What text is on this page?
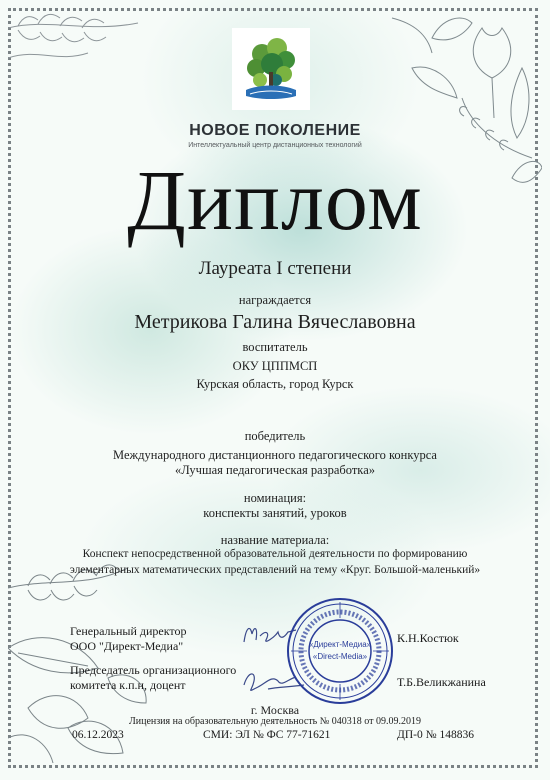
НОВОЕ ПОКОЛЕНИЕ
Интеллектуальный центр дистанционных технологий
Диплом
Лауреата I степени
награждается
Метрикова Галина Вячеславовна
воспитатель
ОКУ ЦППМСП
Курская область, город Курск
победитель
Международного дистанционного педагогического конкурса
«Лучшая педагогическая разработка»
номинация:
конспекты занятий, уроков
название материала:
Конспект непосредственной образовательной деятельности по формированию
элементарных математических представлений на тему «Круг. Большой-маленький»
Генеральный директор
ООО "Директ-Медиа"
К.Н.Костюк
Председатель организационного
комитета к.п.н, доцент	Т.Б.Великжанина
«Директ-Медиа»
«Direct-Media»
г. Москва
Лицензия на образовательную деятельность № 040318 от 09.09.2019
06.12.2023	СМИ: ЭЛ № ФС 77-71621	ДП-0 № 148836
